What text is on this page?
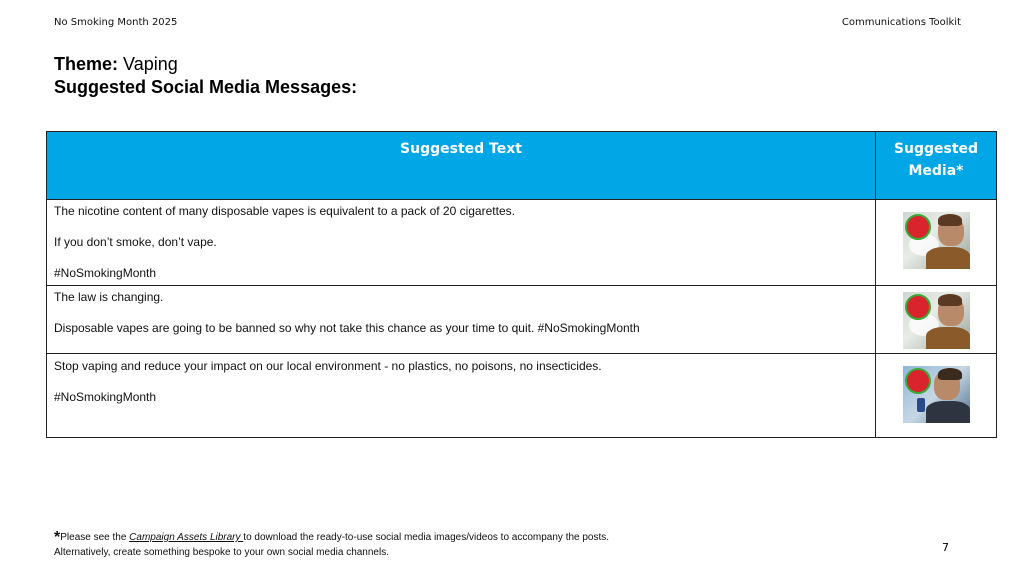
No Smoking Month 2025	Communications Toolkit
Theme: Vaping
Suggested Social Media Messages:
Suggested Text	Suggested Media*

The nicotine content of many disposable vapes is equivalent to a pack of 20 cigarettes.

If you don’t smoke, don’t vape.

#NoSmokingMonth	

The law is changing.

Disposable vapes are going to be banned so why not take this chance as your time to quit. #NoSmokingMonth	

Stop vaping and reduce your impact on our local environment - no plastics, no poisons, no insecticides.

#NoSmokingMonth	

*Please see the Campaign Assets Library to download the ready-to-use social media images/videos to accompany the posts.
Alternatively, create something bespoke to your own social media channels.	7
